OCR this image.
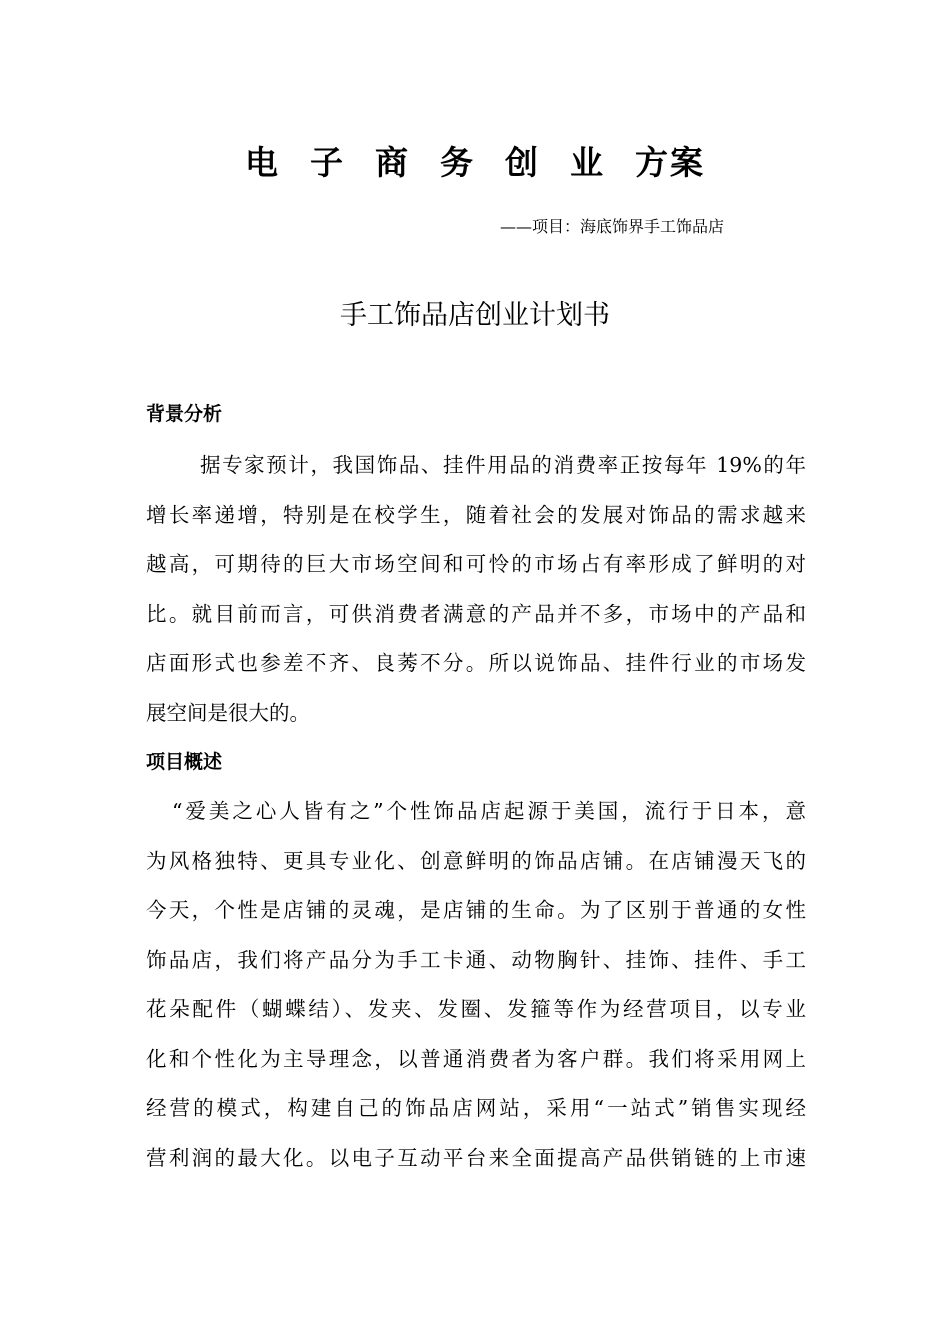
电 子 商 务 创 业 方案
——项目：海底饰界手工饰品店
手工饰品店创业计划书
背景分析
据专家预计，我国饰品、挂件用品的消费率正按每年 19%的年
增长率递增，特别是在校学生，随着社会的发展对饰品的需求越来
越高，可期待的巨大市场空间和可怜的市场占有率形成了鲜明的对
比。就目前而言，可供消费者满意的产品并不多，市场中的产品和
店面形式也参差不齐、良莠不分。所以说饰品、挂件行业的市场发
展空间是很大的。
项目概述
“爱美之心人皆有之”个性饰品店起源于美国，流行于日本，意
为风格独特、更具专业化、创意鲜明的饰品店铺。在店铺漫天飞的
今天，个性是店铺的灵魂，是店铺的生命。为了区别于普通的女性
饰品店，我们将产品分为手工卡通、动物胸针、挂饰、挂件、手工
花朵配件（蝴蝶结）、发夹、发圈、发箍等作为经营项目，以专业
化和个性化为主导理念，以普通消费者为客户群。我们将采用网上
经营的模式，构建自己的饰品店网站，采用“一站式”销售实现经
营利润的最大化。以电子互动平台来全面提高产品供销链的上市速
